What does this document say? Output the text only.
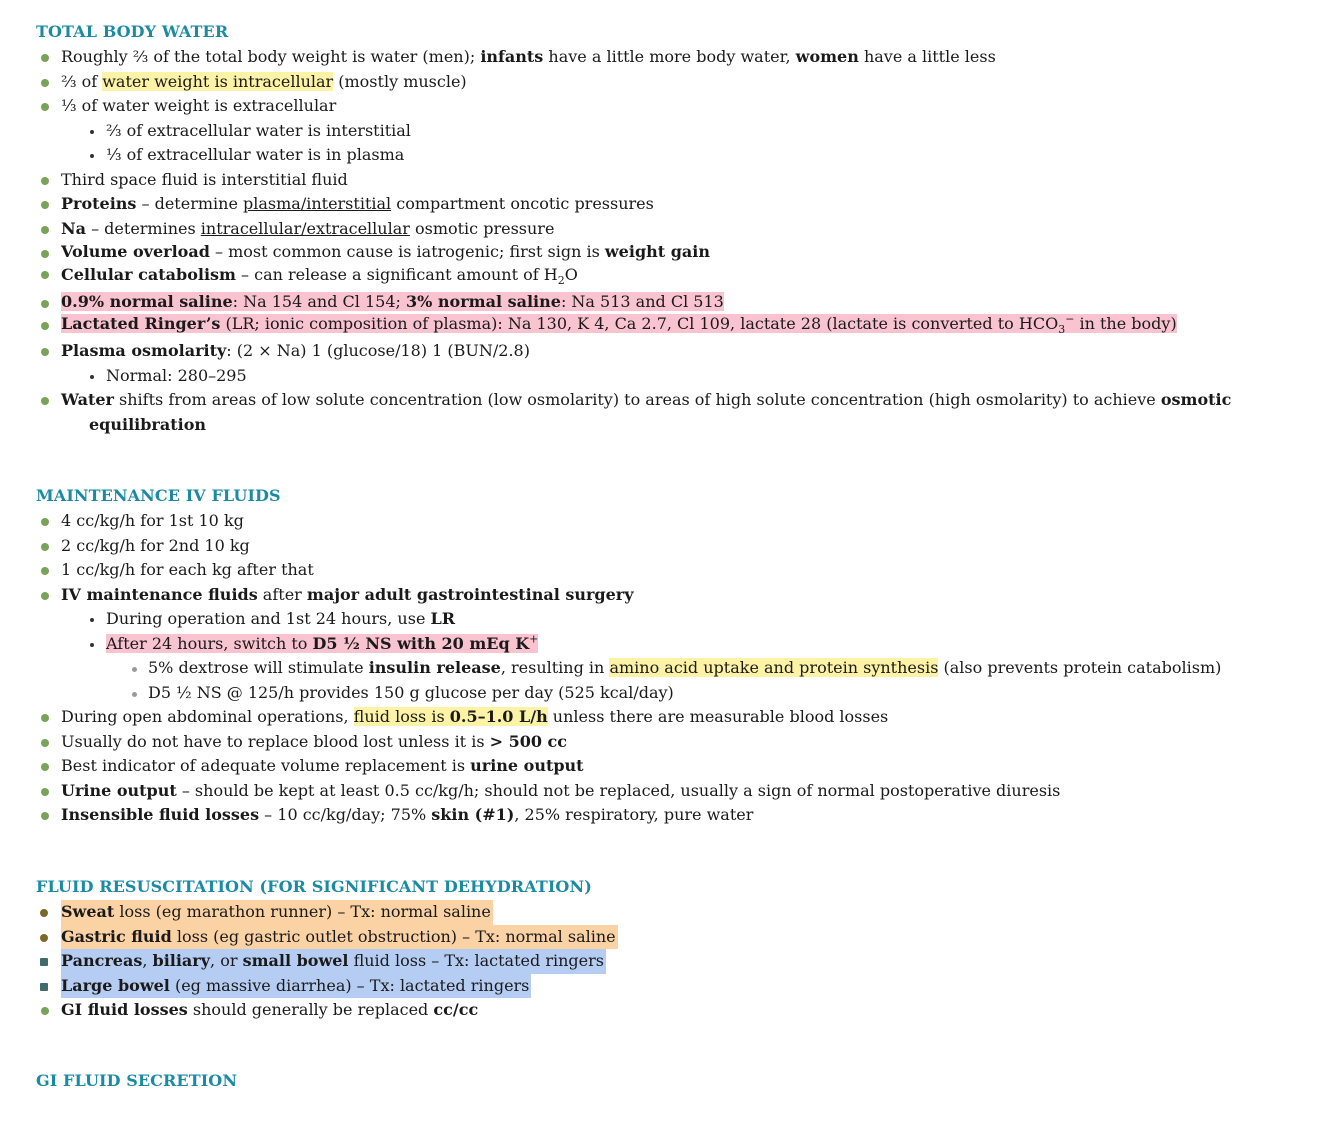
TOTAL BODY WATER
Roughly ⅔ of the total body weight is water (men); infants have a little more body water, women have a little less
⅔ of water weight is intracellular (mostly muscle)
⅓ of water weight is extracellular
⅔ of extracellular water is interstitial
⅓ of extracellular water is in plasma
Third space fluid is interstitial fluid
Proteins – determine plasma/interstitial compartment oncotic pressures
Na – determines intracellular/extracellular osmotic pressure
Volume overload – most common cause is iatrogenic; first sign is weight gain
Cellular catabolism – can release a significant amount of $H_2O$
0.9% normal saline: Na 154 and Cl 154; 3% normal saline: Na 513 and Cl 513
Lactated Ringer’s (LR; ionic composition of plasma): Na 130, K 4, Ca 2.7, Cl 109, lactate 28 (lactate is converted to $HCO_3^-$ in the body)
Plasma osmolarity: (2 × Na) 1 (glucose/18) 1 (BUN/2.8)
Normal: 280–295
Water shifts from areas of low solute concentration (low osmolarity) to areas of high solute concentration (high osmolarity) to achieve osmotic
equilibration
MAINTENANCE IV FLUIDS
4 cc/kg/h for 1st 10 kg
2 cc/kg/h for 2nd 10 kg
1 cc/kg/h for each kg after that
IV maintenance fluids after major adult gastrointestinal surgery
During operation and 1st 24 hours, use LR
After 24 hours, switch to D5 ½ NS with 20 mEq K+
5% dextrose will stimulate insulin release, resulting in amino acid uptake and protein synthesis (also prevents protein catabolism)
D5 ½ NS @ 125/h provides 150 g glucose per day (525 kcal/day)
During open abdominal operations, fluid loss is 0.5–1.0 L/h unless there are measurable blood losses
Usually do not have to replace blood lost unless it is > 500 cc
Best indicator of adequate volume replacement is urine output
Urine output – should be kept at least 0.5 cc/kg/h; should not be replaced, usually a sign of normal postoperative diuresis
Insensible fluid losses – 10 cc/kg/day; 75% skin (#1), 25% respiratory, pure water
FLUID RESUSCITATION (FOR SIGNIFICANT DEHYDRATION)
Sweat loss (eg marathon runner) – Tx: normal saline
Gastric fluid loss (eg gastric outlet obstruction) – Tx: normal saline
Pancreas, biliary, or small bowel fluid loss – Tx: lactated ringers
Large bowel (eg massive diarrhea) – Tx: lactated ringers
GI fluid losses should generally be replaced cc/cc
GI FLUID SECRETION
